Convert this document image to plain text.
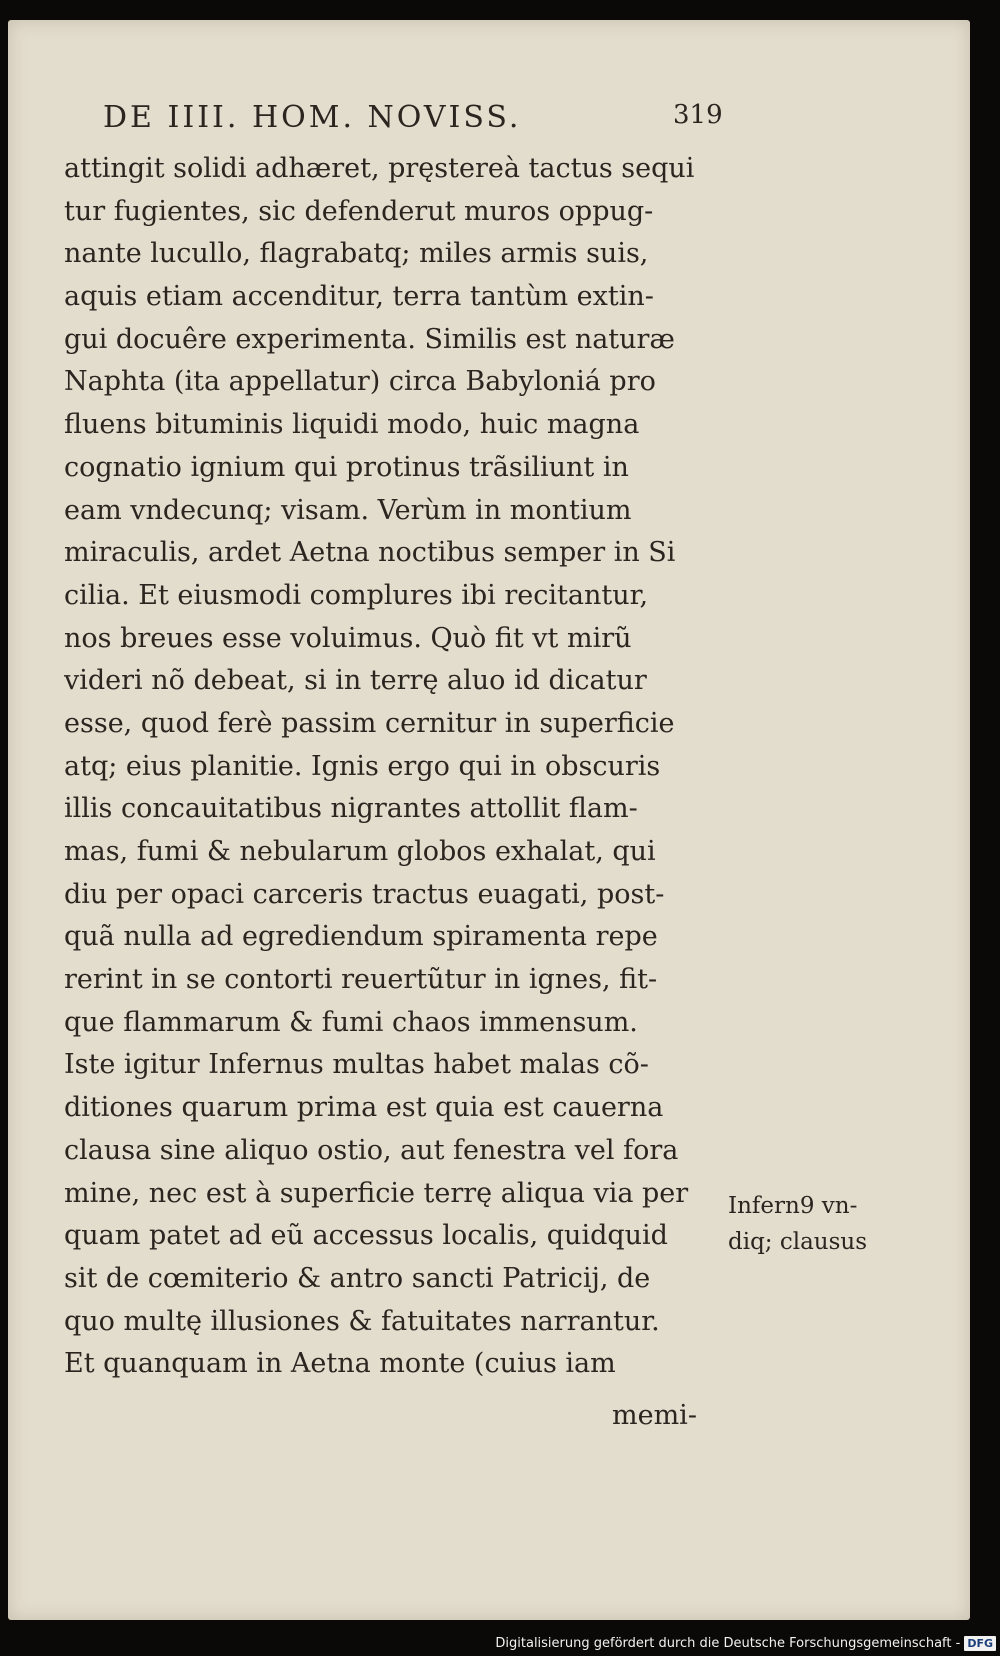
DE IIII. HOM. NOVISS.	319
attingit solidi adhæret, pręstereà tactus sequi
tur fugientes, sic defenderut muros oppug-
nante lucullo, flagrabatq; miles armis suis,
aquis etiam accenditur, terra tantùm extin-
gui docuêre experimenta. Similis est naturæ
Naphta (ita appellatur) circa Babyloniá pro
fluens bituminis liquidi modo, huic magna
cognatio ignium qui protinus trãsiliunt in
eam vndecunq; visam. Verùm in montium
miraculis, ardet Aetna noctibus semper in Si
cilia. Et eiusmodi complures ibi recitantur,
nos breues esse voluimus. Quò fit vt mirũ
videri nõ debeat, si in terrę aluo id dicatur
esse, quod ferè passim cernitur in superficie
atq; eius planitie. Ignis ergo qui in obscuris
illis concauitatibus nigrantes attollit flam-
mas, fumi & nebularum globos exhalat, qui
diu per opaci carceris tractus euagati, post-
quã nulla ad egrediendum spiramenta repe
rerint in se contorti reuertũtur in ignes, fit-
que flammarum & fumi chaos immensum.
Iste igitur Infernus multas habet malas cõ-
ditiones quarum prima est quia est cauerna
clausa sine aliquo ostio, aut fenestra vel fora
mine, nec est à superficie terrę aliqua via per
quam patet ad eũ accessus localis, quidquid
sit de cœmiterio & antro sancti Patricij, de
quo multę illusiones & fatuitates narrantur.
Et quanquam in Aetna monte (cuius iam
Infern9 vn-
diq; clausus
memi-
Digitalisierung gefördert durch die Deutsche Forschungsgemeinschaft - DFG
